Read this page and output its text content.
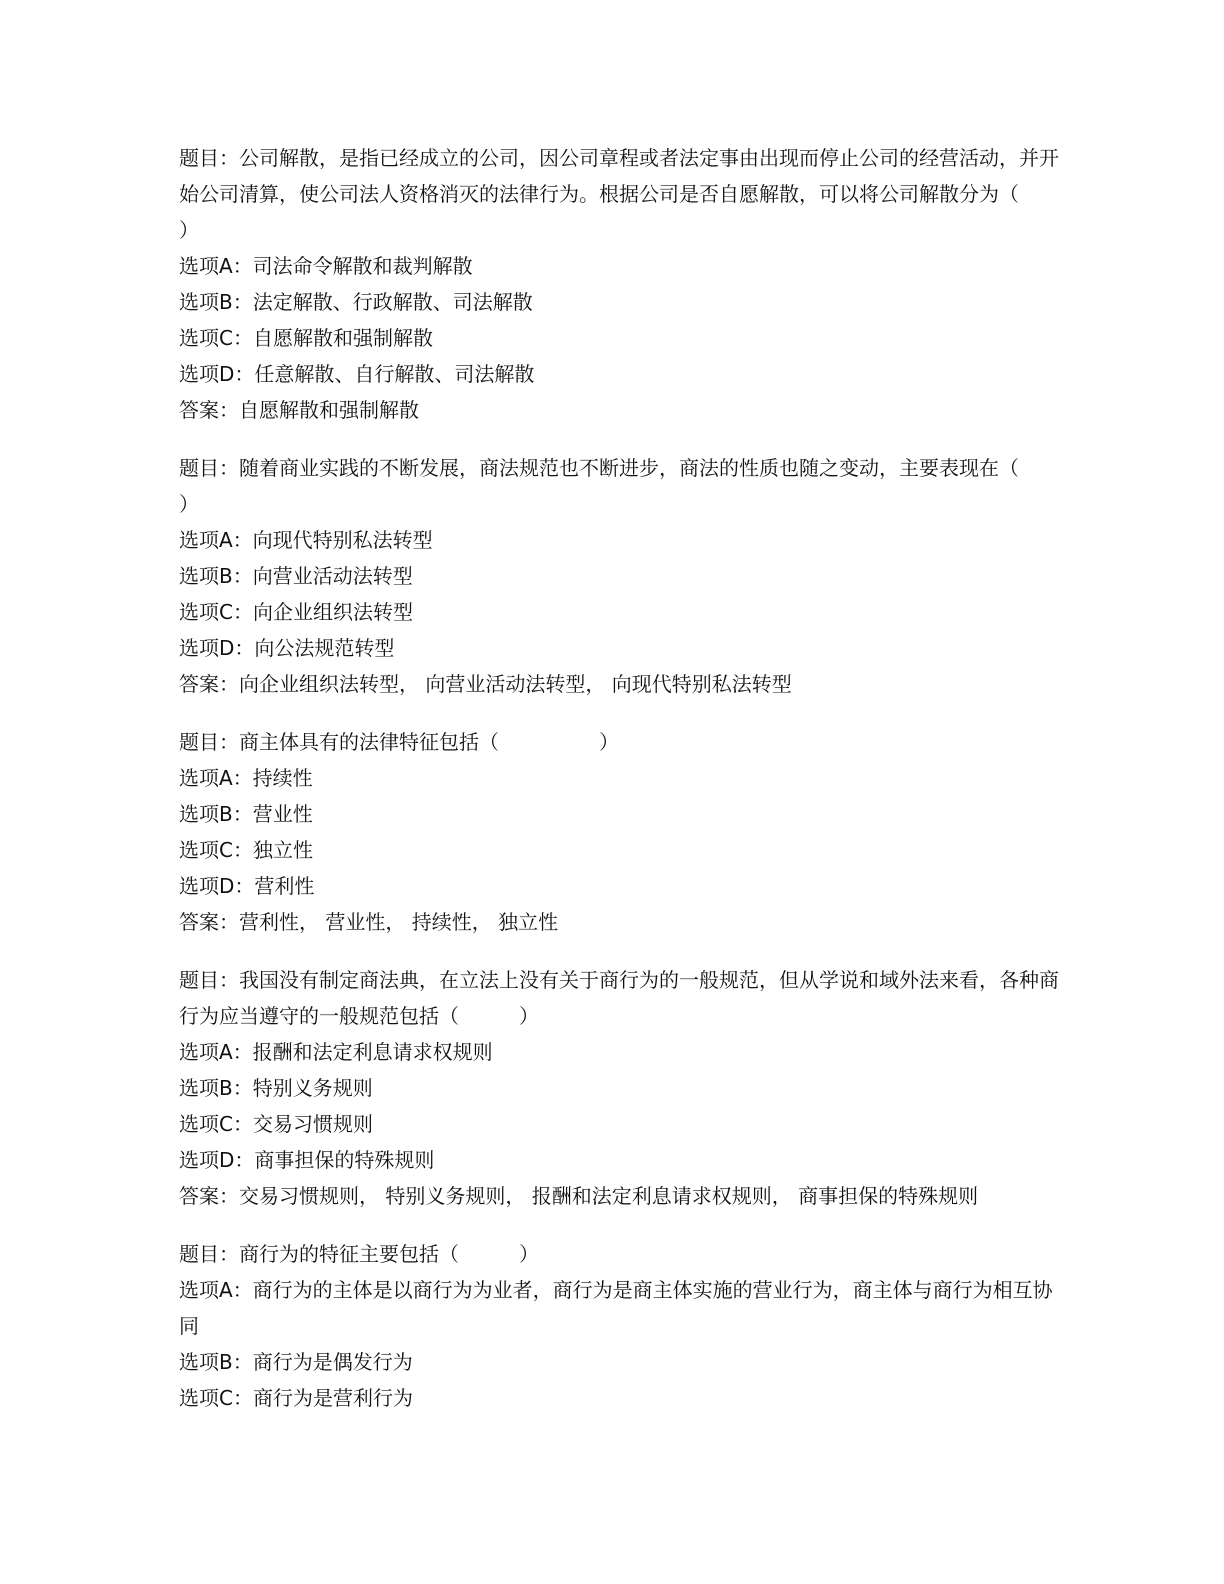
题目：公司解散，是指已经成立的公司，因公司章程或者法定事由出现而停止公司的经营活动，并开始公司清算，使公司法人资格消灭的法律行为。根据公司是否自愿解散，可以将公司解散分为（　　）
选项A：司法命令解散和裁判解散
选项B：法定解散、行政解散、司法解散
选项C：自愿解散和强制解散
选项D：任意解散、自行解散、司法解散
答案：自愿解散和强制解散
题目：随着商业实践的不断发展，商法规范也不断进步，商法的性质也随之变动，主要表现在（　　　）
选项A：向现代特别私法转型
选项B：向营业活动法转型
选项C：向企业组织法转型
选项D：向公法规范转型
答案：向企业组织法转型， 向营业活动法转型， 向现代特别私法转型
题目：商主体具有的法律特征包括（　　　　　）
选项A：持续性
选项B：营业性
选项C：独立性
选项D：营利性
答案：营利性， 营业性， 持续性， 独立性
题目：我国没有制定商法典，在立法上没有关于商行为的一般规范，但从学说和域外法来看，各种商行为应当遵守的一般规范包括（　　　）
选项A：报酬和法定利息请求权规则
选项B：特别义务规则
选项C：交易习惯规则
选项D：商事担保的特殊规则
答案：交易习惯规则， 特别义务规则， 报酬和法定利息请求权规则， 商事担保的特殊规则
题目：商行为的特征主要包括（　　　）
选项A：商行为的主体是以商行为为业者，商行为是商主体实施的营业行为，商主体与商行为相互协同
选项B：商行为是偶发行为
选项C：商行为是营利行为
